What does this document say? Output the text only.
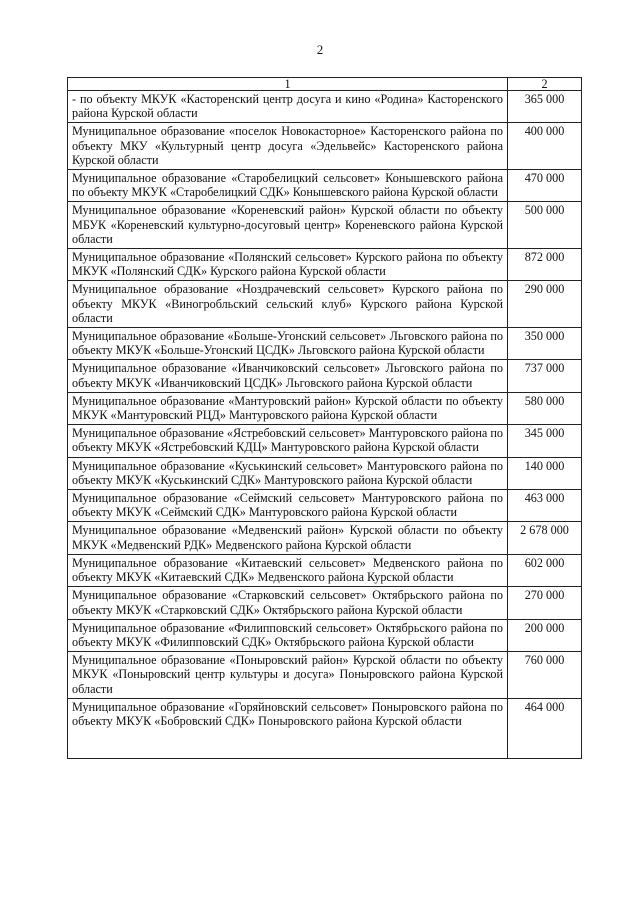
2
1	2
- по объекту МКУК «Касторенский центр досуга и кино «Родина» Касторенского района Курской области	365 000
Муниципальное образование «поселок Новокасторное» Касторенского района по объекту МКУ «Культурный центр досуга «Эдельвейс» Касторенского района Курской области	400 000
Муниципальное образование «Старобелицкий сельсовет» Конышевского района по объекту МКУК «Старобелицкий СДК» Конышевского района Курской области	470 000
Муниципальное образование «Кореневский район» Курской области по объекту МБУК «Кореневский культурно-досуговый центр» Кореневского района Курской области	500 000
Муниципальное образование «Полянский сельсовет» Курского района по объекту МКУК «Полянский СДК» Курского района Курской области	872 000
Муниципальное образование «Ноздрачевский сельсовет» Курского района по объекту МКУК «Виногробльский сельский клуб» Курского района Курской области	290 000
Муниципальное образование «Больше-Угонский сельсовет» Льговского района по объекту МКУК «Больше-Угонский ЦСДК» Льговского района Курской области	350 000
Муниципальное образование «Иванчиковский сельсовет» Льговского района по объекту МКУК «Иванчиковский ЦСДК» Льговского района Курской области	737 000
Муниципальное образование «Мантуровский район» Курской области по объекту МКУК «Мантуровский РЦД» Мантуровского района Курской области	580 000
Муниципальное образование «Ястребовский сельсовет» Мантуровского района по объекту МКУК «Ястребовский КДЦ» Мантуровского района Курской области	345 000
Муниципальное образование «Куськинский сельсовет» Мантуровского района по объекту МКУК «Куськинский СДК» Мантуровского района Курской области	140 000
Муниципальное образование «Сеймский сельсовет» Мантуровского района по объекту МКУК «Сеймский СДК» Мантуровского района Курской области	463 000
Муниципальное образование «Медвенский район» Курской области по объекту МКУК «Медвенский РДК» Медвенского района Курской области	2 678 000
Муниципальное образование «Китаевский сельсовет» Медвенского района по объекту МКУК «Китаевский СДК» Медвенского района Курской области	602 000
Муниципальное образование «Старковский сельсовет» Октябрьского района по объекту МКУК «Старковский СДК» Октябрьского района Курской области	270 000
Муниципальное образование «Филипповский сельсовет» Октябрьского района по объекту МКУК «Филипповский СДК» Октябрьского района Курской области	200 000
Муниципальное образование «Поныровский район» Курской области по объекту МКУК «Поныровский центр культуры и досуга» Поныровского района Курской области	760 000
Муниципальное образование «Горяйновский сельсовет» Поныровского района по объекту МКУК «Бобровский СДК» Поныровского района Курской области	464 000
